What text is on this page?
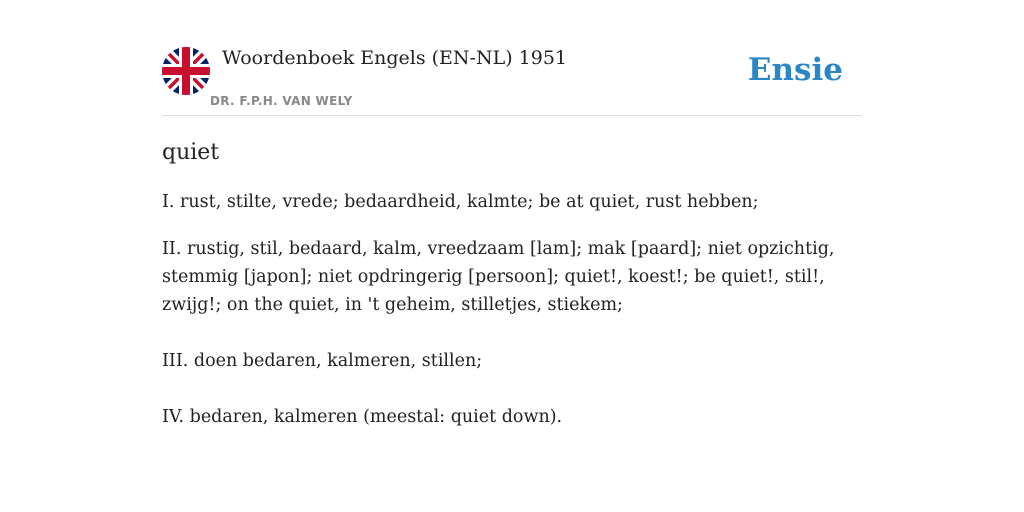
Woordenboek Engels (EN-NL) 1951
DR. F.P.H. VAN WELY
Ensie
quiet

I. rust, stilte, vrede; bedaardheid, kalmte; be at quiet, rust hebben;

II. rustig, stil, bedaard, kalm, vreedzaam [lam]; mak [paard]; niet opzichtig, stemmig [japon]; niet opdringerig [persoon]; quiet!, koest!; be quiet!, stil!, zwijg!; on the quiet, in 't geheim, stilletjes, stiekem;

III. doen bedaren, kalmeren, stillen;

IV. bedaren, kalmeren (meestal: quiet down).
